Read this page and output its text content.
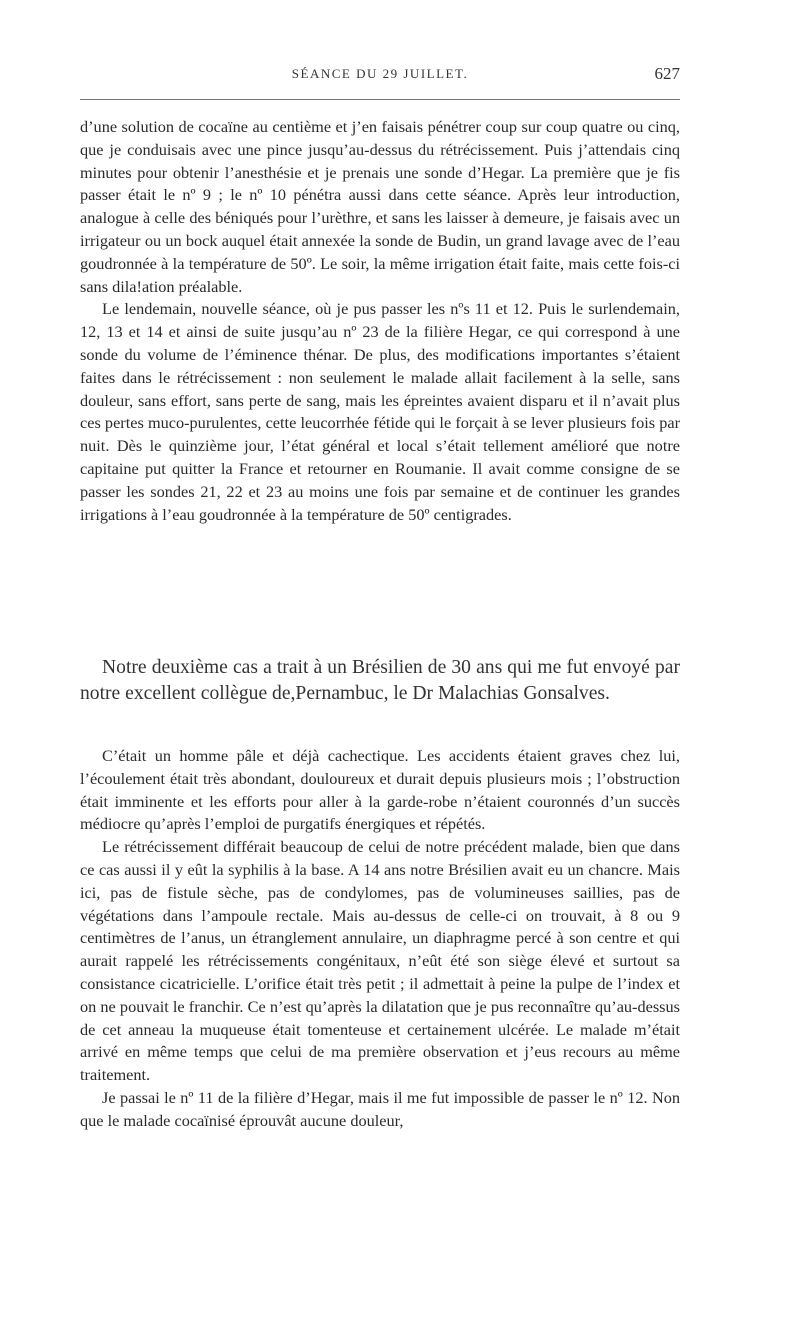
SÉANCE DU 29 JUILLET.	627

d’une solution de cocaïne au centième et j’en faisais pénétrer coup sur coup quatre ou cinq, que je conduisais avec une pince jusqu’au-dessus du rétrécissement. Puis j’attendais cinq minutes pour obtenir l’anesthésie et je prenais une sonde d’Hegar. La première que je fis passer était le nº 9 ; le nº 10 pénétra aussi dans cette séance. Après leur introduction, analogue à celle des béniqués pour l’urèthre, et sans les laisser à demeure, je faisais avec un irrigateur ou un bock auquel était annexée la sonde de Budin, un grand lavage avec de l’eau goudronnée à la température de 50º. Le soir, la même irrigation était faite, mais cette fois-ci sans dila!ation préalable.

Le lendemain, nouvelle séance, où je pus passer les nºs 11 et 12. Puis le surlendemain, 12, 13 et 14 et ainsi de suite jusqu’au nº 23 de la filière Hegar, ce qui correspond à une sonde du volume de l’éminence thénar. De plus, des modifications importantes s’étaient faites dans le rétrécissement : non seulement le malade allait facilement à la selle, sans douleur, sans effort, sans perte de sang, mais les épreintes avaient disparu et il n’avait plus ces pertes muco-purulentes, cette leucorrhée fétide qui le forçait à se lever plusieurs fois par nuit. Dès le quinzième jour, l’état général et local s’était tellement amélioré que notre capitaine put quitter la France et retourner en Roumanie. Il avait comme consigne de se passer les sondes 21, 22 et 23 au moins une fois par semaine et de continuer les grandes irrigations à l’eau goudronnée à la température de 50º centigrades.

Notre deuxième cas a trait à un Brésilien de 30 ans qui me fut envoyé par notre excellent collègue de,Pernambuc, le Dr Malachias Gonsalves.

C’était un homme pâle et déjà cachectique. Les accidents étaient graves chez lui, l’écoulement était très abondant, douloureux et durait depuis plusieurs mois ; l’obstruction était imminente et les efforts pour aller à la garde-robe n’étaient couronnés d’un succès médiocre qu’après l’emploi de purgatifs énergiques et répétés.

Le rétrécissement différait beaucoup de celui de notre précédent malade, bien que dans ce cas aussi il y eût la syphilis à la base. A 14 ans notre Brésilien avait eu un chancre. Mais ici, pas de fistule sèche, pas de condylomes, pas de volumineuses saillies, pas de végétations dans l’ampoule rectale. Mais au-dessus de celle-ci on trouvait, à 8 ou 9 centimètres de l’anus, un étranglement annulaire, un diaphragme percé à son centre et qui aurait rappelé les rétrécissements congénitaux, n’eût été son siège élevé et surtout sa consistance cicatricielle. L’orifice était très petit ; il admettait à peine la pulpe de l’index et on ne pouvait le franchir. Ce n’est qu’après la dilatation que je pus reconnaître qu’au-dessus de cet anneau la muqueuse était tomenteuse et certainement ulcérée. Le malade m’était arrivé en même temps que celui de ma première observation et j’eus recours au même traitement.

Je passai le nº 11 de la filière d’Hegar, mais il me fut impossible de passer le nº 12. Non que le malade cocaïnisé éprouvât aucune douleur,
